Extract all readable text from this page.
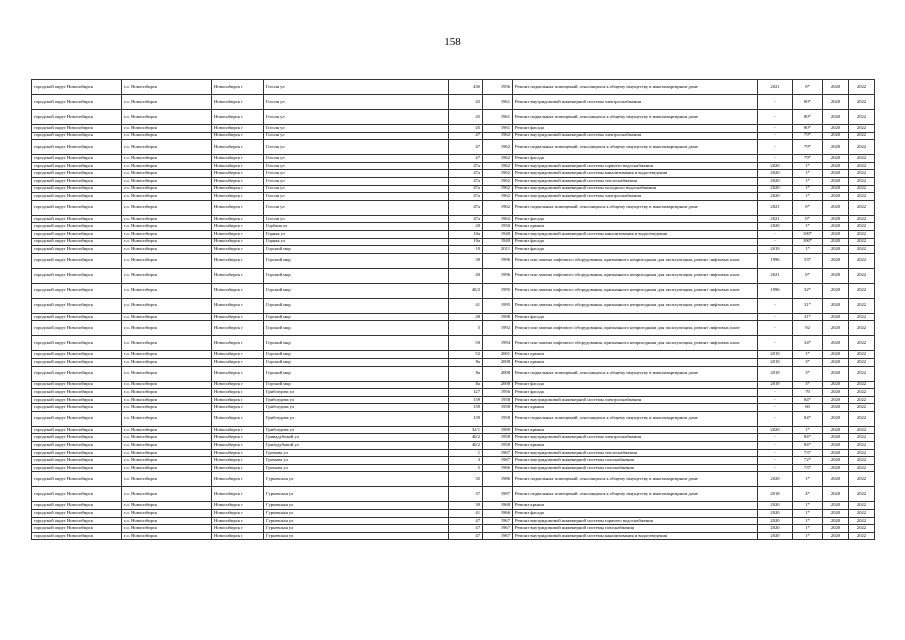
158
городской округ Новосибирск	г.о. Новосибирск	Новосибирск г	Гоголя ул	43б	1956	Ремонт подвальных помещений, относящихся к общему имуществу в многоквартирном доме	2021	0*	2020	2022
городской округ Новосибирск	г.о. Новосибирск	Новосибирск г	Гоголя ул	45	1961	Ремонт внутридомовой инженерной системы электроснабжения	-	80*	2020	2022
городской округ Новосибирск	г.о. Новосибирск	Новосибирск г	Гоголя ул	45	1961	Ремонт подвальных помещений, относящихся к общему имуществу в многоквартирном доме	-	80*	2020	2022
городской округ Новосибирск	г.о. Новосибирск	Новосибирск г	Гоголя ул	45	1961	Ремонт фасада	-	80*	2020	2022
городской округ Новосибирск	г.о. Новосибирск	Новосибирск г	Гоголя ул	47	1962	Ремонт внутридомовой инженерной системы электроснабжения	-	79*	2020	2022
городской округ Новосибирск	г.о. Новосибирск	Новосибирск г	Гоголя ул	47	1962	Ремонт подвальных помещений, относящихся к общему имуществу в многоквартирном доме	-	79*	2020	2022
городской округ Новосибирск	г.о. Новосибирск	Новосибирск г	Гоголя ул	47	1962	Ремонт фасада	-	79*	2020	2022
городской округ Новосибирск	г.о. Новосибирск	Новосибирск г	Гоголя ул	47а	1962	Ремонт внутридомовой инженерной системы горячего водоснабжения	2020	1*	2020	2022
городской округ Новосибирск	г.о. Новосибирск	Новосибирск г	Гоголя ул	47а	1962	Ремонт внутридомовой инженерной системы канализования и водоотведения	2020	1*	2020	2022
городской округ Новосибирск	г.о. Новосибирск	Новосибирск г	Гоголя ул	47а	1962	Ремонт внутридомовой инженерной системы теплоснабжения	2020	1*	2020	2022
городской округ Новосибирск	г.о. Новосибирск	Новосибирск г	Гоголя ул	47а	1962	Ремонт внутридомовой инженерной системы холодного водоснабжения	2020	1*	2020	2022
городской округ Новосибирск	г.о. Новосибирск	Новосибирск г	Гоголя ул	47а	1962	Ремонт внутридомовой инженерной системы электроснабжения	2020	1*	2020	2022
городской округ Новосибирск	г.о. Новосибирск	Новосибирск г	Гоголя ул	47а	1962	Ремонт подвальных помещений, относящихся к общему имуществу в многоквартирном доме	2021	0*	2020	2022
городской округ Новосибирск	г.о. Новосибирск	Новосибирск г	Гоголя ул	47а	1962	Ремонт фасада	2021	0*	2020	2022
городской округ Новосибирск	г.о. Новосибирск	Новосибирск г	Горбаня ул	20	1950	Ремонт крыши	2020	1*	2020	2022
городской округ Новосибирск	г.о. Новосибирск	Новосибирск г	Горная ул	10а	1940	Ремонт внутридомовой инженерной системы канализования и водоотведения	-	100*	2020	2022
городской округ Новосибирск	г.о. Новосибирск	Новосибирск г	Горная ул	10а	1940	Ремонт фасада	-	100*	2020	2022
городской округ Новосибирск	г.о. Новосибирск	Новосибирск г	Горский мкр	10	2011	Ремонт фасада	2019	1*	2020	2022
городской округ Новосибирск	г.о. Новосибирск	Новосибирск г	Горский мкр	39	1996	Ремонт или замена лифтового оборудования, признанного непригодным для эксплуатации, ремонт лифтовых шахт	1996	53*	2020	2022
городской округ Новосибирск	г.о. Новосибирск	Новосибирск г	Горский мкр	40	1996	Ремонт или замена лифтового оборудования, признанного непригодным для эксплуатации, ремонт лифтовых шахт	2021	0*	2020	2022
городской округ Новосибирск	г.о. Новосибирск	Новосибирск г	Горский мкр	40/2	1995	Ремонт или замена лифтового оборудования, признанного непригодным для эксплуатации, ремонт лифтовых шахт	1996	32*	2020	2022
городской округ Новосибирск	г.о. Новосибирск	Новосибирск г	Горский мкр	41	1995	Ремонт или замена лифтового оборудования, признанного непригодным для эксплуатации, ремонт лифтовых шахт	-	31*	2020	2022
городской округ Новосибирск	г.о. Новосибирск	Новосибирск г	Горский мкр	48	1998	Ремонт фасада	-	31*	2020	2022
городской округ Новосибирск	г.о. Новосибирск	Новосибирск г	Горский мкр	5	1992	Ремонт или замена лифтового оборудования, признанного непригодным для эксплуатации, ремонт лифтовых шахт	-	92	2020	2022
городской округ Новосибирск	г.о. Новосибирск	Новосибирск г	Горский мкр	50	1994	Ремонт или замена лифтового оборудования, признанного непригодным для эксплуатации, ремонт лифтовых шахт	-	34*	2020	2022
городской округ Новосибирск	г.о. Новосибирск	Новосибирск г	Горский мкр	52	2001	Ремонт крыши	2019	1*	2020	2022
городской округ Новосибирск	г.о. Новосибирск	Новосибирск г	Горский мкр	8а	2008	Ремонт крыши	2019	3*	2020	2022
городской округ Новосибирск	г.о. Новосибирск	Новосибирск г	Горский мкр	8а	2008	Ремонт подвальных помещений, относящихся к общему имуществу в многоквартирном доме	2019	3*	2020	2022
городской округ Новосибирск	г.о. Новосибирск	Новосибирск г	Горский мкр	8а	2008	Ремонт фасада	2019	3*	2020	2022
городской округ Новосибирск	г.о. Новосибирск	Новосибирск г	Грибоедова ул	127	1956	Ремонт фасада	-	70	2020	2022
городской округ Новосибирск	г.о. Новосибирск	Новосибирск г	Грибоедова ул	139	1958	Ремонт внутридомовой инженерной системы электроснабжения	-	84*	2020	2022
городской округ Новосибирск	г.о. Новосибирск	Новосибирск г	Грибоедова ул	139	1958	Ремонт крыши	-	60	2020	2022
городской округ Новосибирск	г.о. Новосибирск	Новосибирск г	Грибоедова ул	139	1958	Ремонт подвальных помещений, относящихся к общему имуществу в многоквартирном доме	-	84*	2020	2022
городской округ Новосибирск	г.о. Новосибирск	Новосибирск г	Грибоедова ул	32/1	1989	Ремонт крыши	2020	1*	2020	2022
городской округ Новосибирск	г.о. Новосибирск	Новосибирск г	Гривадубовой ул	40/2	1958	Ремонт внутридомовой инженерной системы электроснабжения	-	84*	2020	2022
городской округ Новосибирск	г.о. Новосибирск	Новосибирск г	Гризодубовой ул	40/2	1958	Ремонт крыши	-	84*	2020	2022
городской округ Новосибирск	г.о. Новосибирск	Новосибирск г	Громова ул	1	1967	Ремонт внутридомовой инженерной системы теплоснабжения	-	73*	2020	2022
городской округ Новосибирск	г.о. Новосибирск	Новосибирск г	Громова ул	3	1967	Ремонт внутридомовой инженерной системы газоснабжения	-	72*	2020	2022
городской округ Новосибирск	г.о. Новосибирск	Новосибирск г	Громова ул	5	1966	Ремонт внутридомовой инженерной системы газоснабжения	-	73*	2020	2022
городской округ Новосибирск	г.о. Новосибирск	Новосибирск г	Гурьевская ул	35	1986	Ремонт подвальных помещений, относящихся к общему имуществу в многоквартирном доме	2020	1*	2020	2022
городской округ Новосибирск	г.о. Новосибирск	Новосибирск г	Гурьевская ул	37	1987	Ремонт подвальных помещений, относящихся к общему имуществу в многоквартирном доме	2018	4*	2020	2022
городской округ Новосибирск	г.о. Новосибирск	Новосибирск г	Гурьевская ул	39	1968	Ремонт крыши	2020	1*	2020	2022
городской округ Новосибирск	г.о. Новосибирск	Новосибирск г	Гурьевская ул	41	1966	Ремонт фасада	2020	1*	2020	2022
городской округ Новосибирск	г.о. Новосибирск	Новосибирск г	Гурьевская ул	47	1967	Ремонт внутридомовой инженерной системы горячего водоснабжения	2020	1*	2020	2022
городской округ Новосибирск	г.о. Новосибирск	Новосибирск г	Гурьевская ул	47	1967	Ремонт внутридомовой инженерной системы газоснабжения	2020	1*	2020	2022
городской округ Новосибирск	г.о. Новосибирск	Новосибирск г	Гурьевская ул	47	1967	Ремонт внутридомовой инженерной системы канализования и водоотведения	2020	1*	2020	2022
